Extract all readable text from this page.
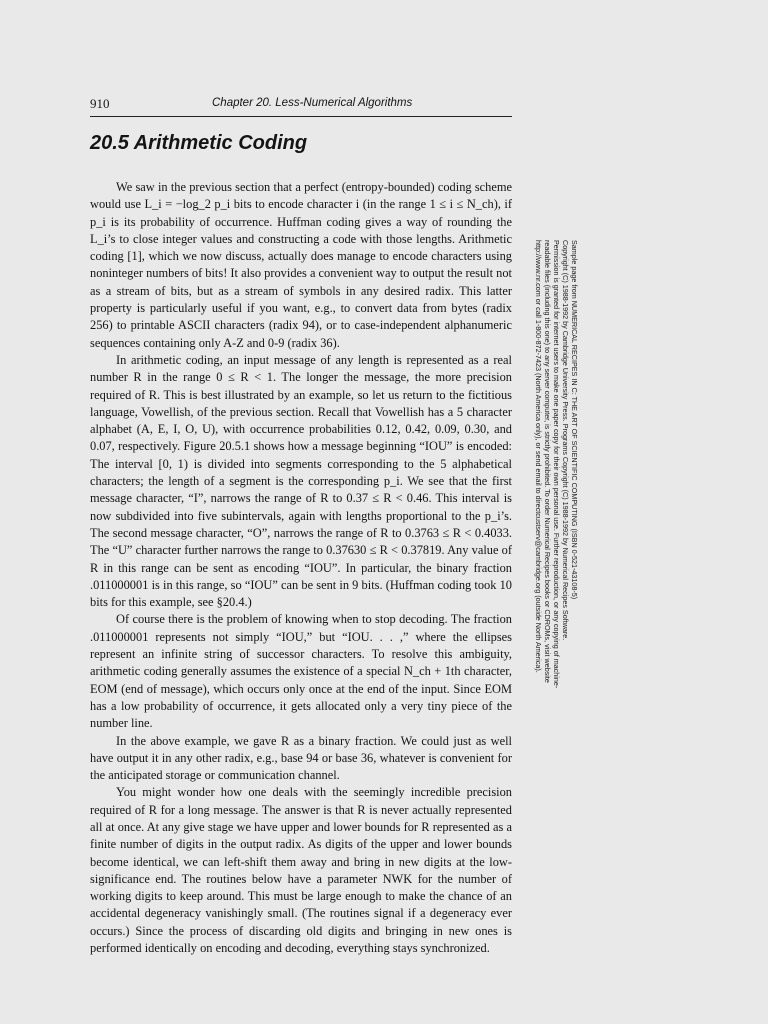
910	Chapter 20. Less-Numerical Algorithms
20.5 Arithmetic Coding

We saw in the previous section that a perfect (entropy-bounded) coding scheme would use L_i = −log_2 p_i bits to encode character i (in the range 1 ≤ i ≤ N_ch), if p_i is its probability of occurrence. Huffman coding gives a way of rounding the L_i’s to close integer values and constructing a code with those lengths. Arithmetic coding [1], which we now discuss, actually does manage to encode characters using noninteger numbers of bits! It also provides a convenient way to output the result not as a stream of bits, but as a stream of symbols in any desired radix. This latter property is particularly useful if you want, e.g., to convert data from bytes (radix 256) to printable ASCII characters (radix 94), or to case-independent alphanumeric sequences containing only A-Z and 0-9 (radix 36).

In arithmetic coding, an input message of any length is represented as a real number R in the range 0 ≤ R < 1. The longer the message, the more precision required of R. This is best illustrated by an example, so let us return to the fictitious language, Vowellish, of the previous section. Recall that Vowellish has a 5 character alphabet (A, E, I, O, U), with occurrence probabilities 0.12, 0.42, 0.09, 0.30, and 0.07, respectively. Figure 20.5.1 shows how a message beginning “IOU” is encoded: The interval [0, 1) is divided into segments corresponding to the 5 alphabetical characters; the length of a segment is the corresponding p_i. We see that the first message character, “I”, narrows the range of R to 0.37 ≤ R < 0.46. This interval is now subdivided into five subintervals, again with lengths proportional to the p_i’s. The second message character, “O”, narrows the range of R to 0.3763 ≤ R < 0.4033. The “U” character further narrows the range to 0.37630 ≤ R < 0.37819. Any value of R in this range can be sent as encoding “IOU”. In particular, the binary fraction .011000001 is in this range, so “IOU” can be sent in 9 bits. (Huffman coding took 10 bits for this example, see §20.4.)

Of course there is the problem of knowing when to stop decoding. The fraction .011000001 represents not simply “IOU,” but “IOU. . . ,” where the ellipses represent an infinite string of successor characters. To resolve this ambiguity, arithmetic coding generally assumes the existence of a special N_ch + 1th character, EOM (end of message), which occurs only once at the end of the input. Since EOM has a low probability of occurrence, it gets allocated only a very tiny piece of the number line.

In the above example, we gave R as a binary fraction. We could just as well have output it in any other radix, e.g., base 94 or base 36, whatever is convenient for the anticipated storage or communication channel.

You might wonder how one deals with the seemingly incredible precision required of R for a long message. The answer is that R is never actually represented all at once. At any give stage we have upper and lower bounds for R represented as a finite number of digits in the output radix. As digits of the upper and lower bounds become identical, we can left-shift them away and bring in new digits at the low-significance end. The routines below have a parameter NWK for the number of working digits to keep around. This must be large enough to make the chance of an accidental degeneracy vanishingly small. (The routines signal if a degeneracy ever occurs.) Since the process of discarding old digits and bringing in new ones is performed identically on encoding and decoding, everything stays synchronized.

Sample page from NUMERICAL RECIPES IN C: THE ART OF SCIENTIFIC COMPUTING (ISBN 0-521-43108-5)
Copyright (C) 1988-1992 by Cambridge University Press. Programs Copyright (C) 1988-1992 by Numerical Recipes Software.
Permission is granted for internet users to make one paper copy for their own personal use. Further reproduction, or any copying of machine-
readable files (including this one) to any server computer, is strictly prohibited. To order Numerical Recipes books or CDROMs, visit website
http://www.nr.com or call 1-800-872-7423 (North America only), or send email to directcustserv@cambridge.org (outside North America).
